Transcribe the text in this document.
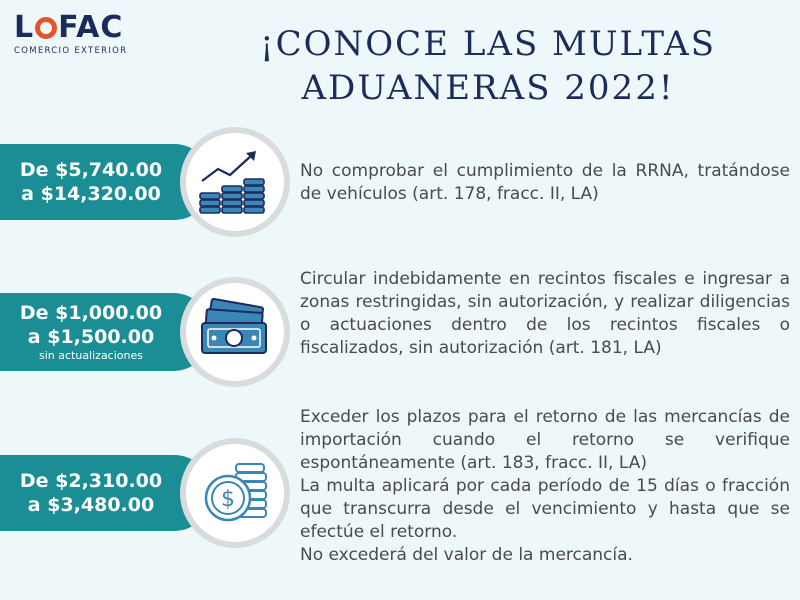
L FAC
COMERCIO EXTERIOR	¡CONOCE LAS MULTAS
ADUANERAS 2022!
De $5,740.00
a $14,320.00
No comprobar el cumplimiento de la RRNA, tratándose de vehículos (art. 178, fracc. II, LA)
De $1,000.00
a $1,500.00
sin actualizaciones
Circular indebidamente en recintos fiscales e ingresar a zonas restringidas, sin autorización, y realizar diligencias o actuaciones dentro de los recintos fiscales o fiscalizados, sin autorización (art. 181, LA)
De $2,310.00
a $3,480.00	$

Exceder los plazos para el retorno de las mercancías de importación cuando el retorno se verifique espontáneamente (art. 183, fracc. II, LA)

La multa aplicará por cada período de 15 días o fracción que transcurra desde el vencimiento y hasta que se efectúe el retorno.

No excederá del valor de la mercancía.
